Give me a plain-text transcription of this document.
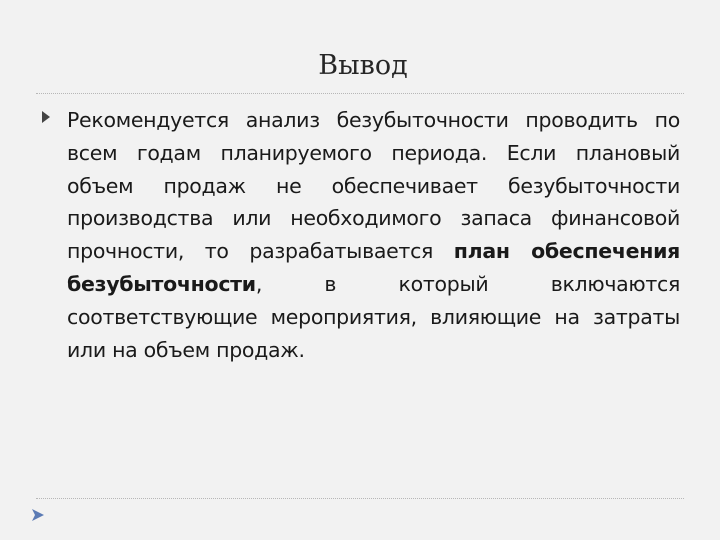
Вывод
Рекомендуется анализ безубыточности проводить по всем годам планируемого периода. Если плановый объем продаж не обеспечивает безубыточности производства или необходимого запаса финансовой прочности, то разрабатывается план обеспечения безубыточности, в который включаются соответствующие мероприятия, влияющие на затраты или на объем продаж.
